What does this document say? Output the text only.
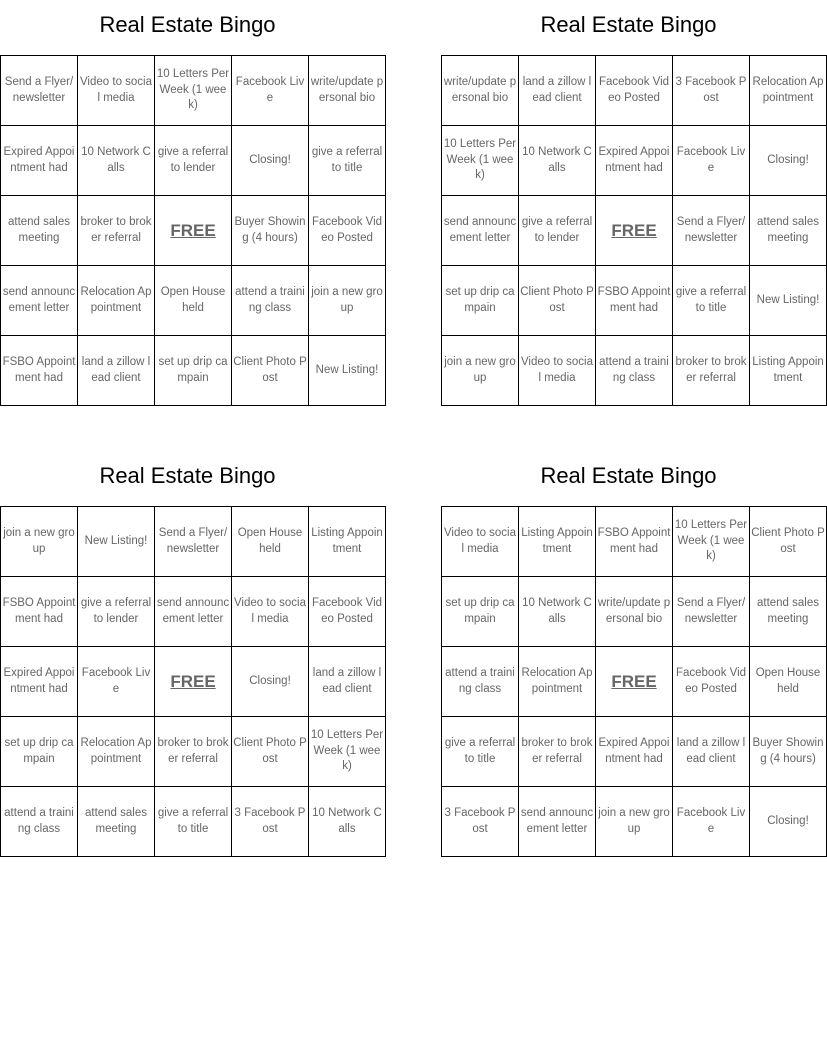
Real Estate Bingo
Send a Flyer/newsletter	Video to social media	10 Letters Per Week (1 week)	Facebook Live	write/update personal bio
Expired Appointment had	10 Network Calls	give a referral to lender	Closing!	give a referral to title
attend sales meeting	broker to broker referral	FREE	Buyer Showing (4 hours)	Facebook Video Posted
send announcement letter	Relocation Appointment	Open House held	attend a training class	join a new group
FSBO Appointment had	land a zillow lead client	set up drip campain	Client Photo Post	New Listing!
Real Estate Bingo
write/update personal bio	land a zillow lead client	Facebook Video Posted	3 Facebook Post	Relocation Appointment
10 Letters Per Week (1 week)	10 Network Calls	Expired Appointment had	Facebook Live	Closing!
send announcement letter	give a referral to lender	FREE	Send a Flyer/newsletter	attend sales meeting
set up drip campain	Client Photo Post	FSBO Appointment had	give a referral to title	New Listing!
join a new group	Video to social media	attend a training class	broker to broker referral	Listing Appointment
Real Estate Bingo
join a new group	New Listing!	Send a Flyer/newsletter	Open House held	Listing Appointment
FSBO Appointment had	give a referral to lender	send announcement letter	Video to social media	Facebook Video Posted
Expired Appointment had	Facebook Live	FREE	Closing!	land a zillow lead client
set up drip campain	Relocation Appointment	broker to broker referral	Client Photo Post	10 Letters Per Week (1 week)
attend a training class	attend sales meeting	give a referral to title	3 Facebook Post	10 Network Calls
Real Estate Bingo
Video to social media	Listing Appointment	FSBO Appointment had	10 Letters Per Week (1 week)	Client Photo Post
set up drip campain	10 Network Calls	write/update personal bio	Send a Flyer/newsletter	attend sales meeting
attend a training class	Relocation Appointment	FREE	Facebook Video Posted	Open House held
give a referral to title	broker to broker referral	Expired Appointment had	land a zillow lead client	Buyer Showing (4 hours)
3 Facebook Post	send announcement letter	join a new group	Facebook Live	Closing!
